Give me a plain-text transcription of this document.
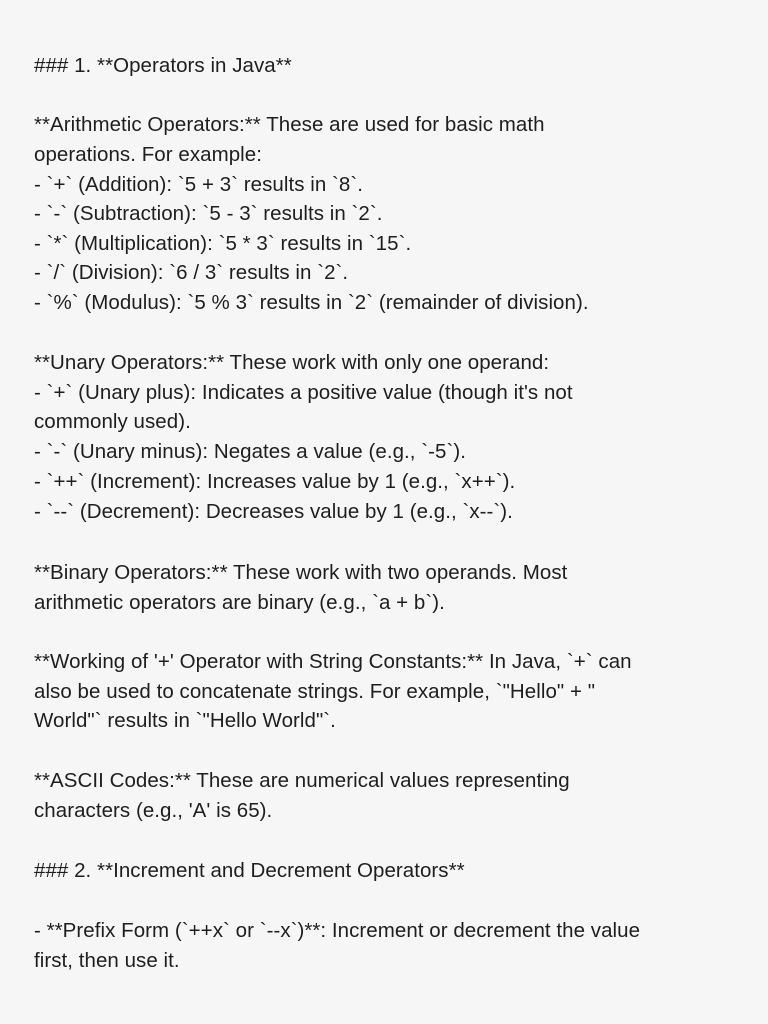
### 1. **Operators in Java**
**Arithmetic Operators:** These are used for basic math
operations. For example:
- `+` (Addition): `5 + 3` results in `8`.
- `-` (Subtraction): `5 - 3` results in `2`.
- `*` (Multiplication): `5 * 3` results in `15`.
- `/` (Division): `6 / 3` results in `2`.
- `%` (Modulus): `5 % 3` results in `2` (remainder of division).
**Unary Operators:** These work with only one operand:
- `+` (Unary plus): Indicates a positive value (though it's not
commonly used).
- `-` (Unary minus): Negates a value (e.g., `-5`).
- `++` (Increment): Increases value by 1 (e.g., `x++`).
- `--` (Decrement): Decreases value by 1 (e.g., `x--`).
**Binary Operators:** These work with two operands. Most
arithmetic operators are binary (e.g., `a + b`).
**Working of '+' Operator with String Constants:** In Java, `+` can
also be used to concatenate strings. For example, `"Hello" + "
World"` results in `"Hello World"`.
**ASCII Codes:** These are numerical values representing
characters (e.g., 'A' is 65).
### 2. **Increment and Decrement Operators**
- **Prefix Form (`++x` or `--x`)**: Increment or decrement the value
first, then use it.
